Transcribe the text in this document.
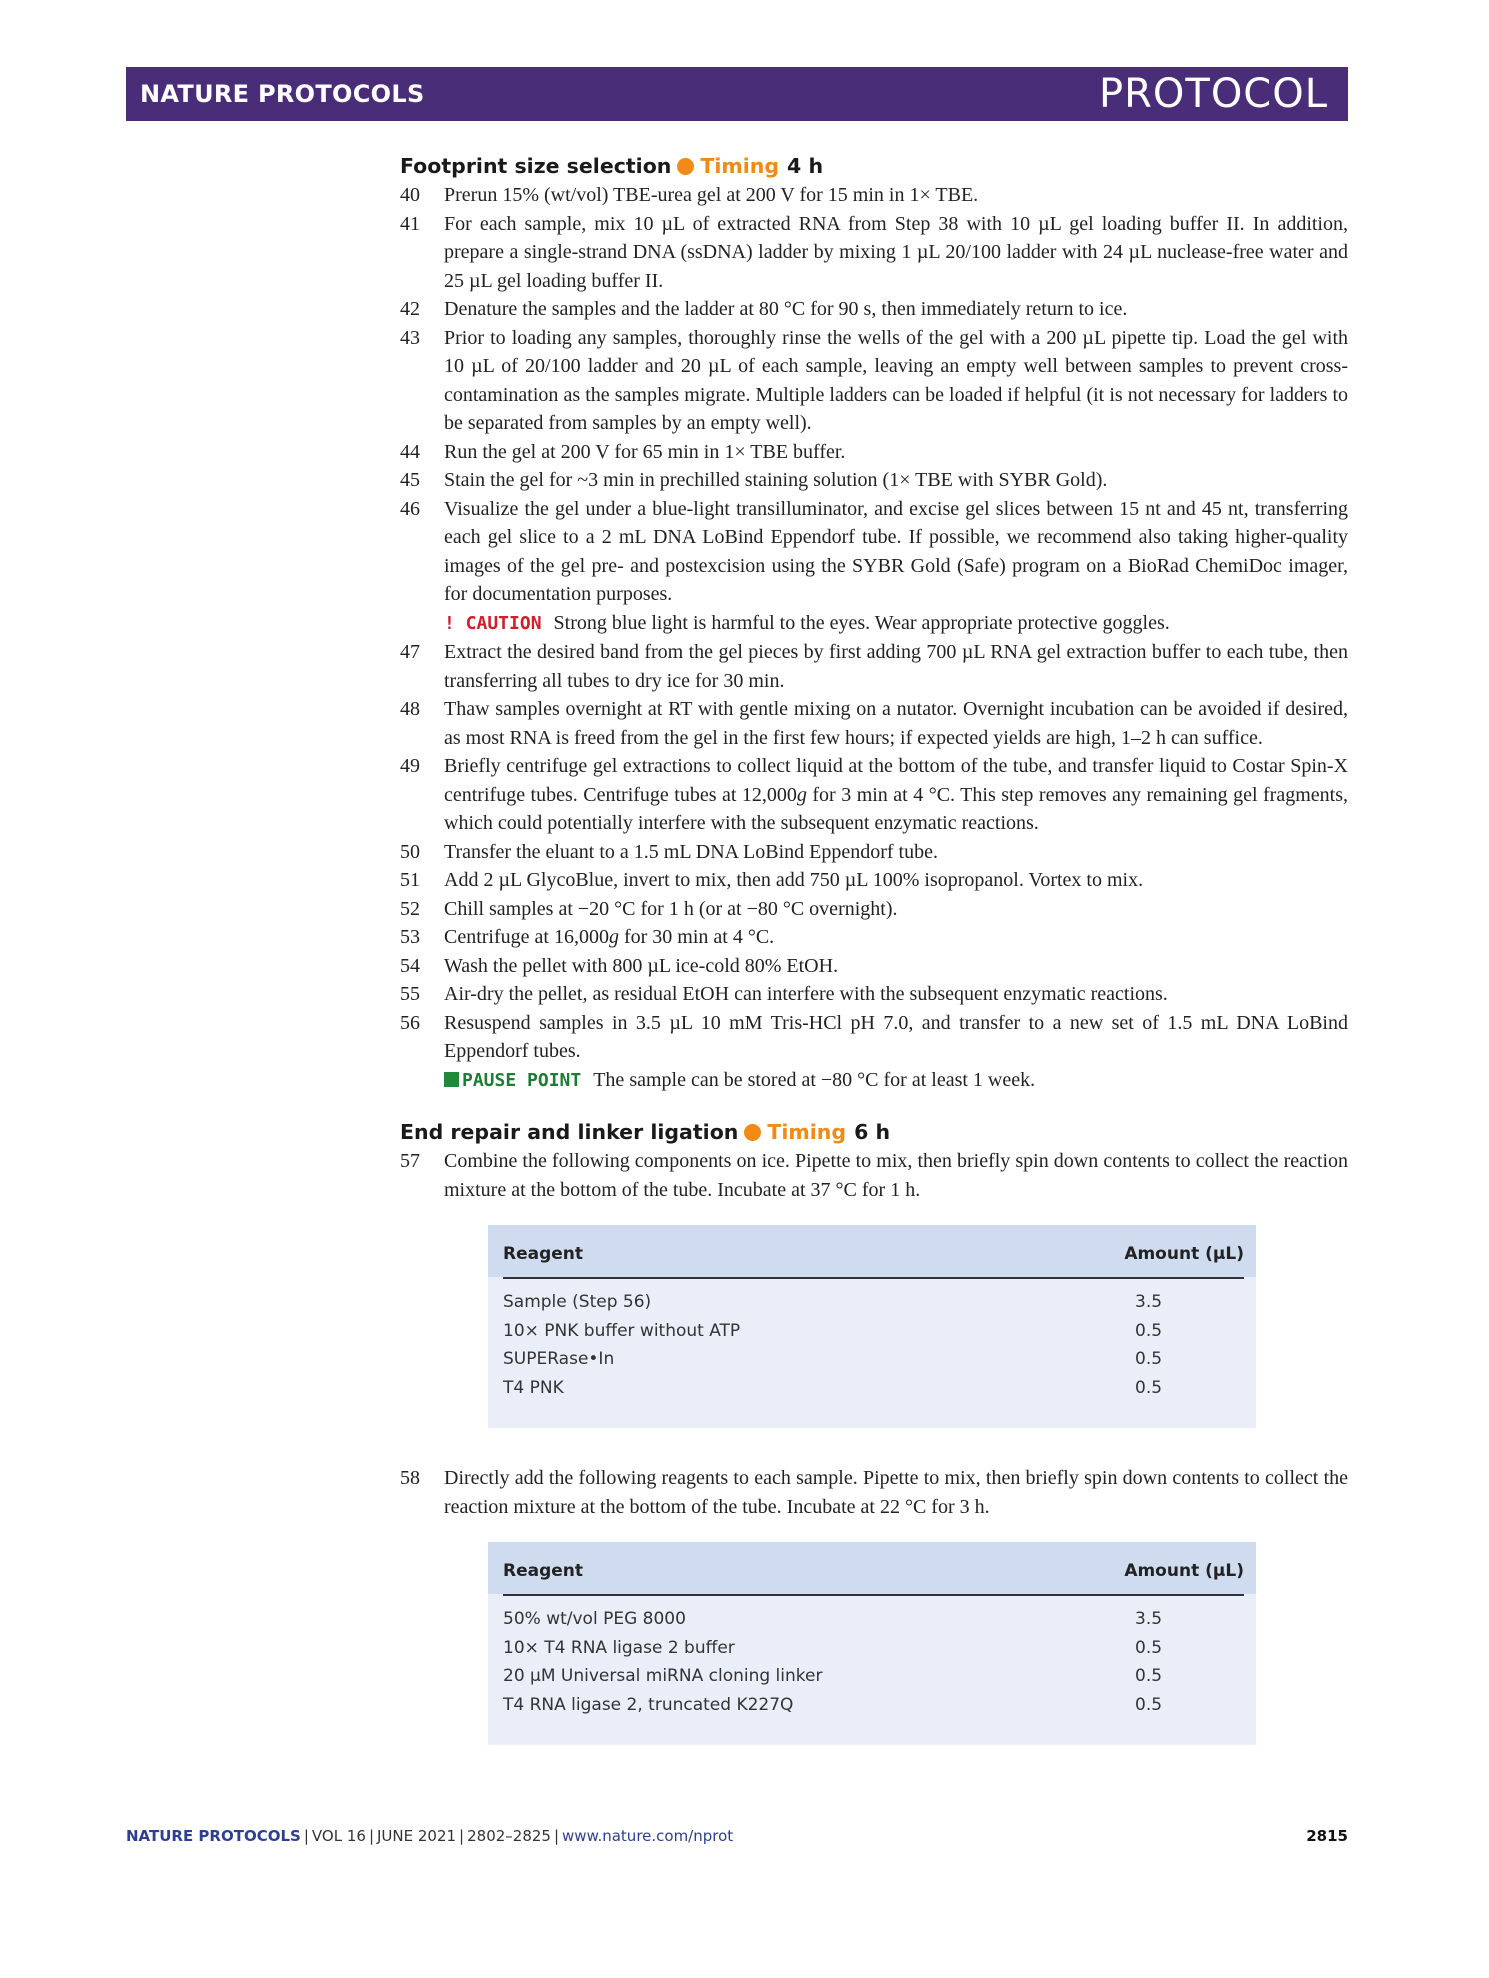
NATURE PROTOCOLS	PROTOCOL
Footprint size selection Timing 4 h
40 Prerun 15% (wt/vol) TBE-urea gel at 200 V for 15 min in 1× TBE.

41 For each sample, mix 10 µL of extracted RNA from Step 38 with 10 µL gel loading buffer II. In addition, prepare a single-strand DNA (ssDNA) ladder by mixing 1 µL 20/100 ladder with 24 µL nuclease-free water and 25 µL gel loading buffer II.

42 Denature the samples and the ladder at 80 °C for 90 s, then immediately return to ice.

43 Prior to loading any samples, thoroughly rinse the wells of the gel with a 200 µL pipette tip. Load the gel with 10 µL of 20/100 ladder and 20 µL of each sample, leaving an empty well between samples to prevent cross-contamination as the samples migrate. Multiple ladders can be loaded if helpful (it is not necessary for ladders to be separated from samples by an empty well).

44 Run the gel at 200 V for 65 min in 1× TBE buffer.

45 Stain the gel for ~3 min in prechilled staining solution (1× TBE with SYBR Gold).

46 Visualize the gel under a blue-light transilluminator, and excise gel slices between 15 nt and 45 nt, transferring each gel slice to a 2 mL DNA LoBind Eppendorf tube. If possible, we recommend also taking higher-quality images of the gel pre- and postexcision using the SYBR Gold (Safe) program on a BioRad ChemiDoc imager, for documentation purposes.

! CAUTION Strong blue light is harmful to the eyes. Wear appropriate protective goggles.

47 Extract the desired band from the gel pieces by first adding 700 µL RNA gel extraction buffer to each tube, then transferring all tubes to dry ice for 30 min.

48 Thaw samples overnight at RT with gentle mixing on a nutator. Overnight incubation can be avoided if desired, as most RNA is freed from the gel in the first few hours; if expected yields are high, 1–2 h can suffice.

49 Briefly centrifuge gel extractions to collect liquid at the bottom of the tube, and transfer liquid to Costar Spin-X centrifuge tubes. Centrifuge tubes at 12,000g for 3 min at 4 °C. This step removes any remaining gel fragments, which could potentially interfere with the subsequent enzymatic reactions.

50 Transfer the eluant to a 1.5 mL DNA LoBind Eppendorf tube.

51 Add 2 µL GlycoBlue, invert to mix, then add 750 µL 100% isopropanol. Vortex to mix.

52 Chill samples at −20 °C for 1 h (or at −80 °C overnight).

53 Centrifuge at 16,000g for 30 min at 4 °C.

54 Wash the pellet with 800 µL ice-cold 80% EtOH.

55 Air-dry the pellet, as residual EtOH can interfere with the subsequent enzymatic reactions.

56 Resuspend samples in 3.5 µL 10 mM Tris-HCl pH 7.0, and transfer to a new set of 1.5 mL DNA LoBind Eppendorf tubes.

PAUSE POINT The sample can be stored at −80 °C for at least 1 week.

End repair and linker ligation Timing 6 h
57 Combine the following components on ice. Pipette to mix, then briefly spin down contents to collect the reaction mixture at the bottom of the tube. Incubate at 37 °C for 1 h.

Reagent	Amount (µL)
Sample (Step 56)	3.5
10× PNK buffer without ATP	0.5
SUPERase•In	0.5
T4 PNK	0.5
58 Directly add the following reagents to each sample. Pipette to mix, then briefly spin down contents to collect the reaction mixture at the bottom of the tube. Incubate at 22 °C for 3 h.

Reagent	Amount (µL)
50% wt/vol PEG 8000	3.5
10× T4 RNA ligase 2 buffer	0.5
20 µM Universal miRNA cloning linker	0.5
T4 RNA ligase 2, truncated K227Q	0.5
NATURE PROTOCOLS | VOL 16 | JUNE 2021 | 2802–2825 | www.nature.com/nprot	2815
